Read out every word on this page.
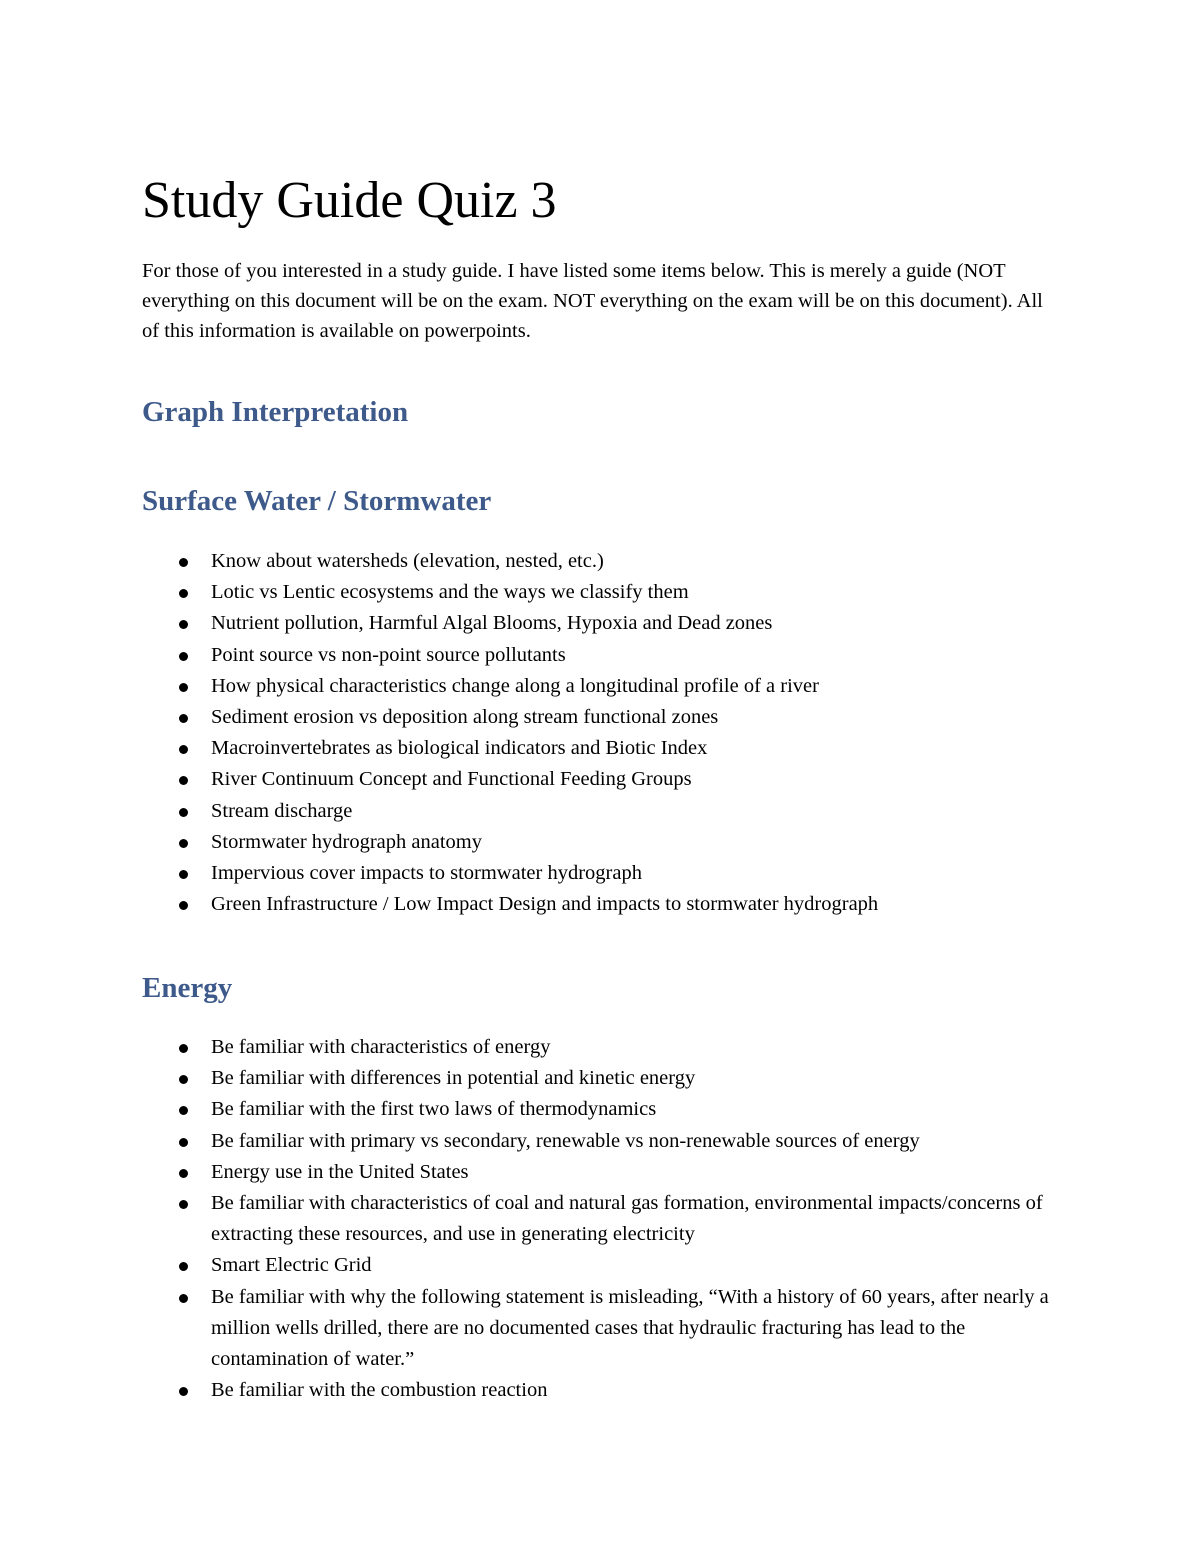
Study Guide Quiz 3

For those of you interested in a study guide. I have listed some items below. This is merely a guide (NOT everything on this document will be on the exam. NOT everything on the exam will be on this document). All of this information is available on powerpoints.

Graph Interpretation
Surface Water / Stormwater
Know about watersheds (elevation, nested, etc.)
Lotic vs Lentic ecosystems and the ways we classify them
Nutrient pollution, Harmful Algal Blooms, Hypoxia and Dead zones
Point source vs non-point source pollutants
How physical characteristics change along a longitudinal profile of a river
Sediment erosion vs deposition along stream functional zones
Macroinvertebrates as biological indicators and Biotic Index
River Continuum Concept and Functional Feeding Groups
Stream discharge
Stormwater hydrograph anatomy
Impervious cover impacts to stormwater hydrograph
Green Infrastructure / Low Impact Design and impacts to stormwater hydrograph
Energy
Be familiar with characteristics of energy
Be familiar with differences in potential and kinetic energy
Be familiar with the first two laws of thermodynamics
Be familiar with primary vs secondary, renewable vs non-renewable sources of energy
Energy use in the United States
Be familiar with characteristics of coal and natural gas formation, environmental impacts/concerns of extracting these resources, and use in generating electricity
Smart Electric Grid
Be familiar with why the following statement is misleading, “With a history of 60 years, after nearly a million wells drilled, there are no documented cases that hydraulic fracturing has lead to the contamination of water.”
Be familiar with the combustion reaction
